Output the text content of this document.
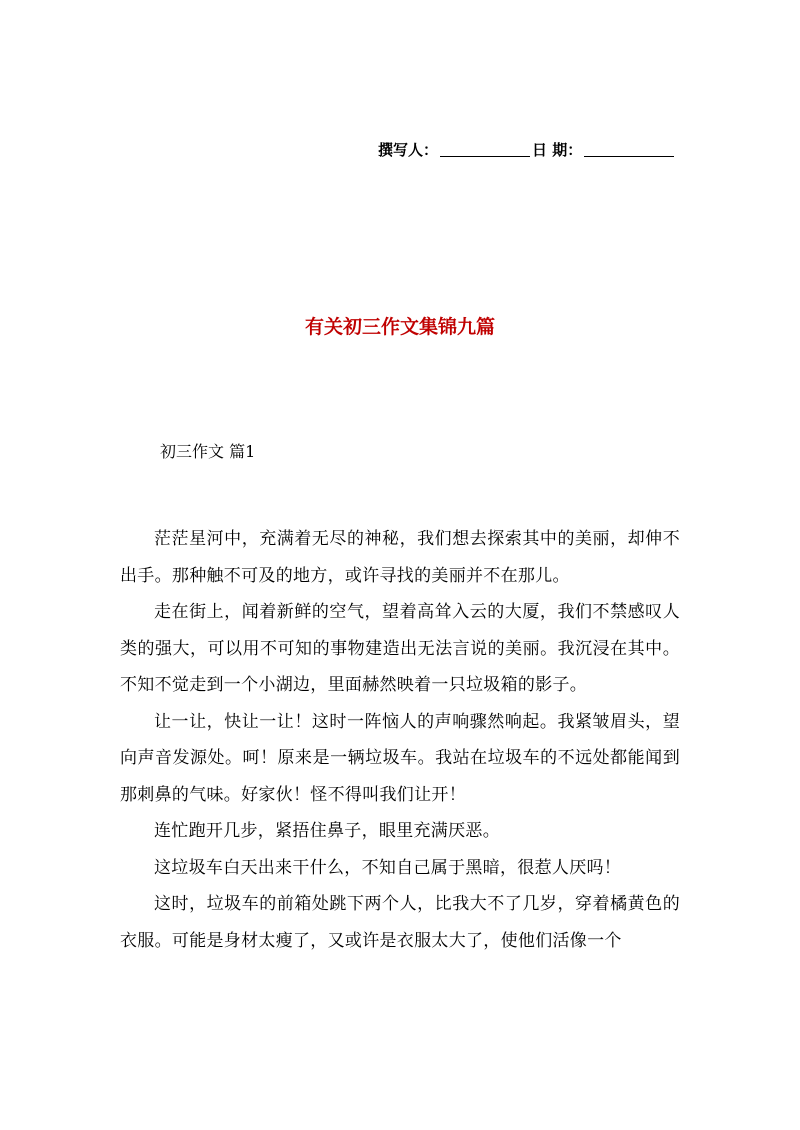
撰写人：	日 期：
有关初三作文集锦九篇
初三作文 篇1

茫茫星河中，充满着无尽的神秘，我们想去探索其中的美丽，却伸不出手。那种触不可及的地方，或许寻找的美丽并不在那儿。

走在街上，闻着新鲜的空气，望着高耸入云的大厦，我们不禁感叹人类的强大，可以用不可知的事物建造出无法言说的美丽。我沉浸在其中。不知不觉走到一个小湖边，里面赫然映着一只垃圾箱的影子。

让一让，快让一让！这时一阵恼人的声响骤然响起。我紧皱眉头，望向声音发源处。呵！原来是一辆垃圾车。我站在垃圾车的不远处都能闻到那刺鼻的气味。好家伙！怪不得叫我们让开！

连忙跑开几步，紧捂住鼻子，眼里充满厌恶。

这垃圾车白天出来干什么，不知自己属于黑暗，很惹人厌吗！

这时，垃圾车的前箱处跳下两个人，比我大不了几岁，穿着橘黄色的衣服。可能是身材太瘦了，又或许是衣服太大了，使他们活像一个
